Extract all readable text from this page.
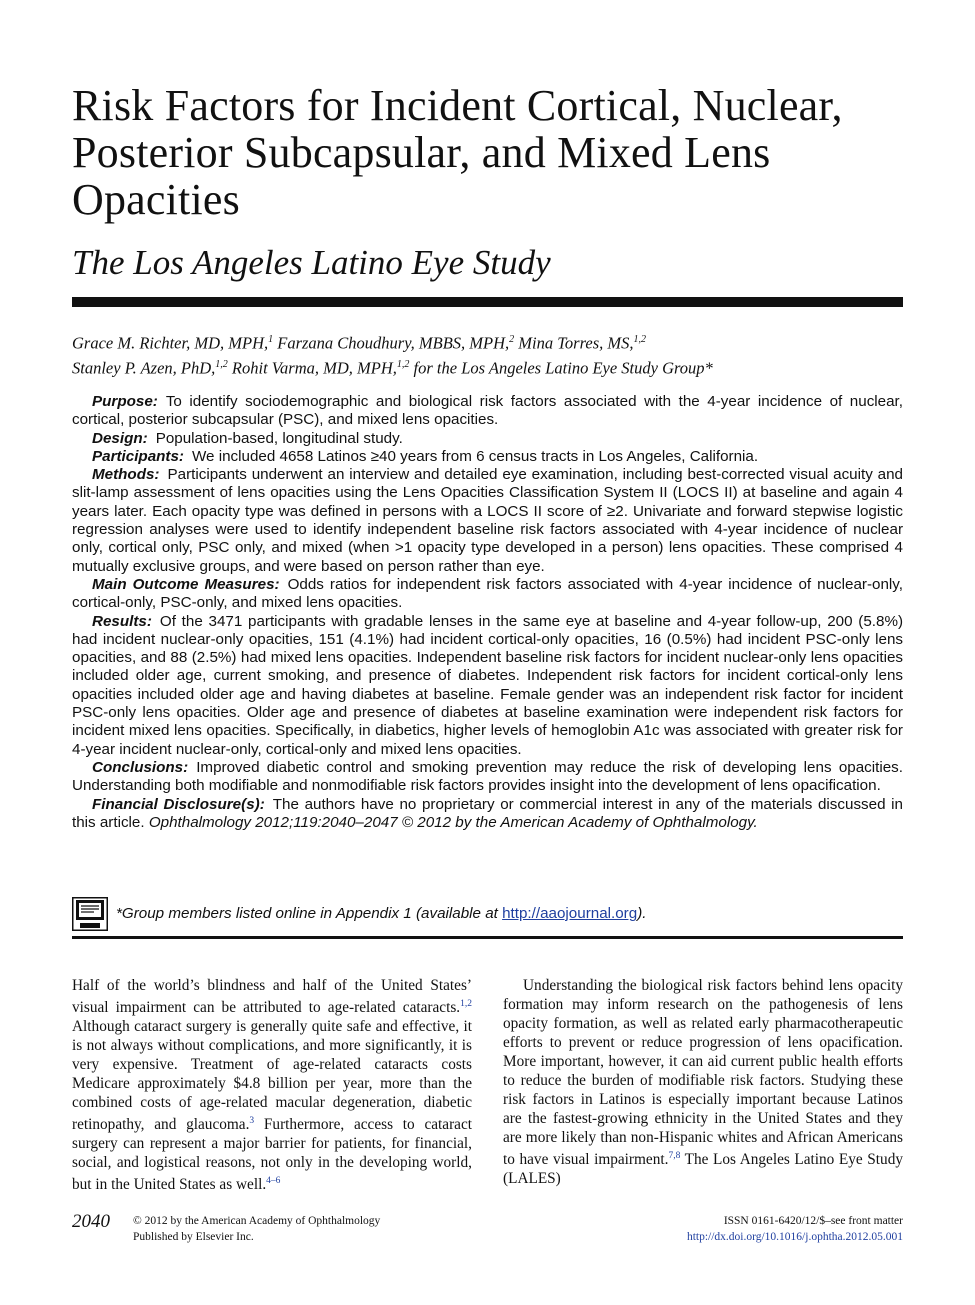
Risk Factors for Incident Cortical, Nuclear, Posterior Subcapsular, and Mixed Lens Opacities
The Los Angeles Latino Eye Study
Grace M. Richter, MD, MPH,$^1$ Farzana Choudhury, MBBS, MPH,$^2$ Mina Torres, MS,$^{1,2}$
Stanley P. Azen, PhD,$^{1,2}$ Rohit Varma, MD, MPH,$^{1,2}$ for the Los Angeles Latino Eye Study Group*

Purpose: To identify sociodemographic and biological risk factors associated with the 4-year incidence of nuclear, cortical, posterior subcapsular (PSC), and mixed lens opacities.

Design: Population-based, longitudinal study.

Participants: We included 4658 Latinos ≥40 years from 6 census tracts in Los Angeles, California.

Methods: Participants underwent an interview and detailed eye examination, including best-corrected visual acuity and slit-lamp assessment of lens opacities using the Lens Opacities Classification System II (LOCS II) at baseline and again 4 years later. Each opacity type was defined in persons with a LOCS II score of ≥2. Univariate and forward stepwise logistic regression analyses were used to identify independent baseline risk factors associated with 4-year incidence of nuclear only, cortical only, PSC only, and mixed (when >1 opacity type developed in a person) lens opacities. These comprised 4 mutually exclusive groups, and were based on person rather than eye.

Main Outcome Measures: Odds ratios for independent risk factors associated with 4-year incidence of nuclear-only, cortical-only, PSC-only, and mixed lens opacities.

Results: Of the 3471 participants with gradable lenses in the same eye at baseline and 4-year follow-up, 200 (5.8%) had incident nuclear-only opacities, 151 (4.1%) had incident cortical-only opacities, 16 (0.5%) had incident PSC-only lens opacities, and 88 (2.5%) had mixed lens opacities. Independent baseline risk factors for incident nuclear-only lens opacities included older age, current smoking, and presence of diabetes. Independent risk factors for incident cortical-only lens opacities included older age and having diabetes at baseline. Female gender was an independent risk factor for incident PSC-only lens opacities. Older age and presence of diabetes at baseline examination were independent risk factors for incident mixed lens opacities. Specifically, in diabetics, higher levels of hemoglobin A1c was associated with greater risk for 4-year incident nuclear-only, cortical-only and mixed lens opacities.

Conclusions: Improved diabetic control and smoking prevention may reduce the risk of developing lens opacities. Understanding both modifiable and nonmodifiable risk factors provides insight into the development of lens opacification.

Financial Disclosure(s): The authors have no proprietary or commercial interest in any of the materials discussed in this article. Ophthalmology 2012;119:2040–2047 © 2012 by the American Academy of Ophthalmology.

*Group members listed online in Appendix 1 (available at http://aaojournal.org).

Half of the world’s blindness and half of the United States’ visual impairment can be attributed to age-related cataracts.$^{1,2}$ Although cataract surgery is generally quite safe and effective, it is not always without complications, and more significantly, it is very expensive. Treatment of age-related cataracts costs Medicare approximately $4.8 billion per year, more than the combined costs of age-related macular degeneration, diabetic retinopathy, and glaucoma.$^3$ Furthermore, access to cataract surgery can represent a major barrier for patients, for financial, social, and logistical reasons, not only in the developing world, but in the United States as well.$^{4-6}$

Understanding the biological risk factors behind lens opacity formation may inform research on the pathogenesis of lens opacity formation, as well as related early pharmacotherapeutic efforts to prevent or reduce progression of lens opacification. More important, however, it can aid current public health efforts to reduce the burden of modifiable risk factors. Studying these risk factors in Latinos is especially important because Latinos are the fastest-growing ethnicity in the United States and they are more likely than non-Hispanic whites and African Americans to have visual impairment.$^{7,8}$ The Los Angeles Latino Eye Study (LALES)

2040 © 2012 by the American Academy of Ophthalmology
Published by Elsevier Inc.
ISSN 0161-6420/12/$–see front matter
http://dx.doi.org/10.1016/j.ophtha.2012.05.001
